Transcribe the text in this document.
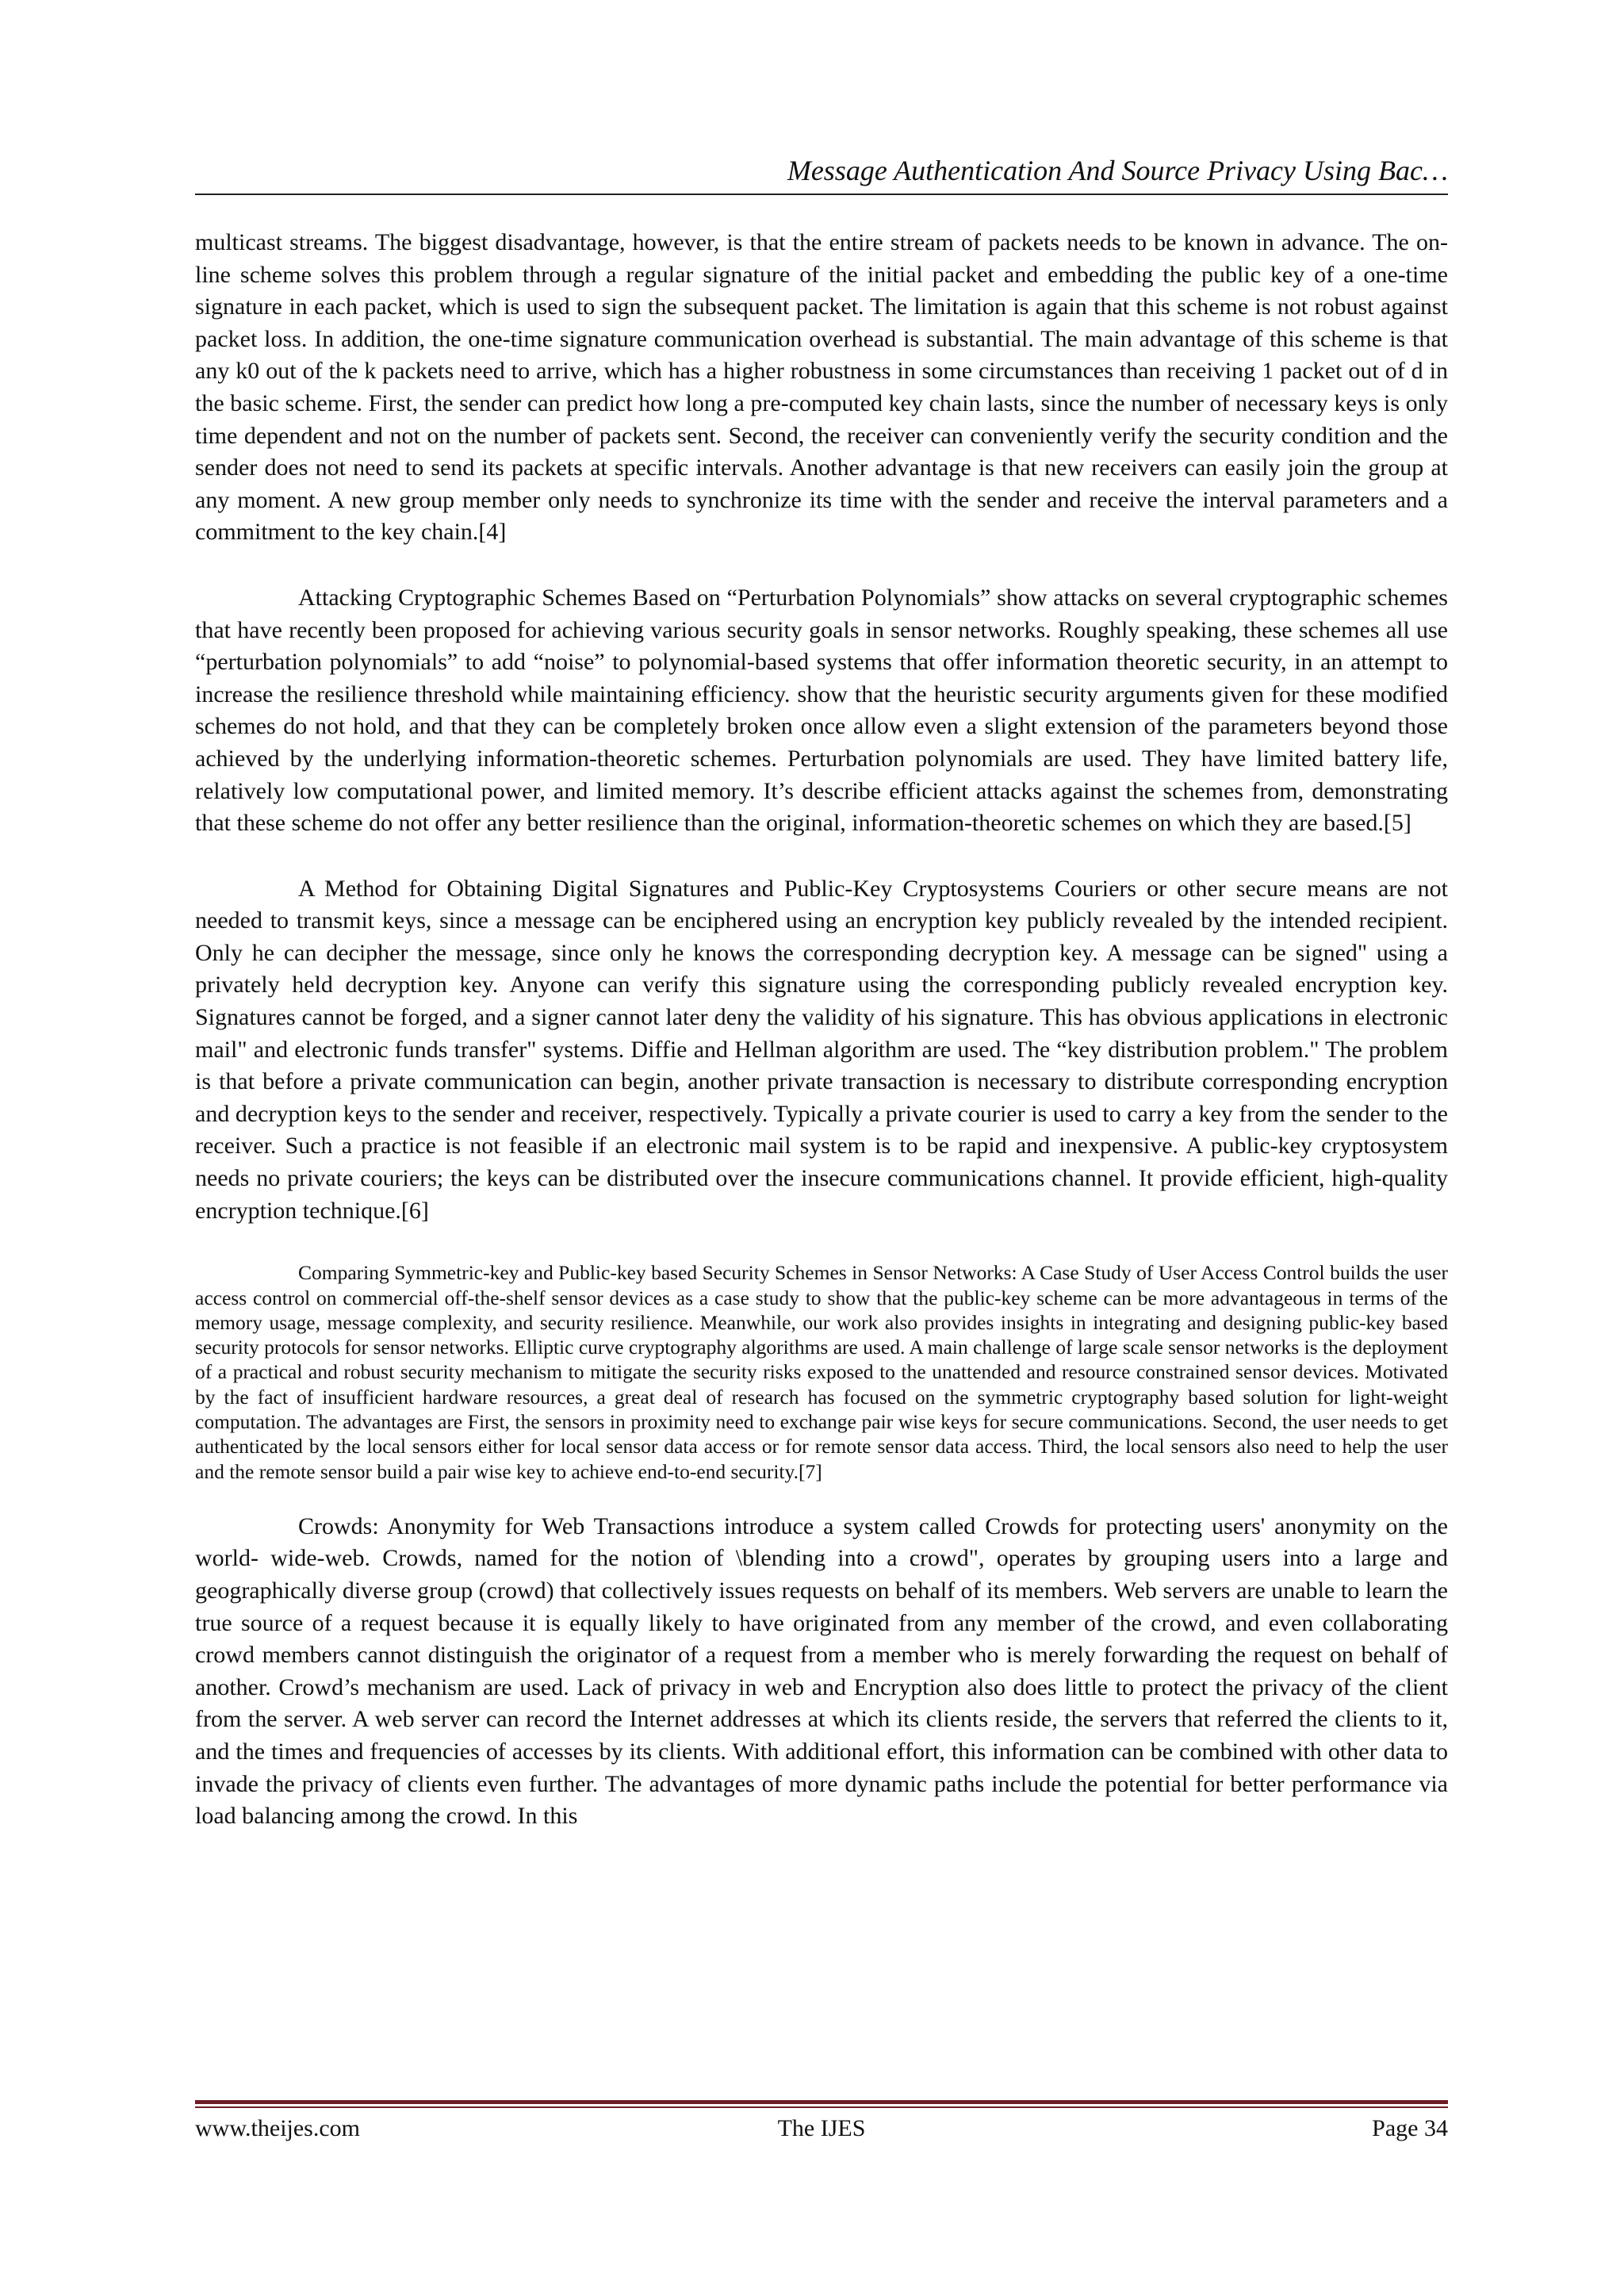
Message Authentication And Source Privacy Using Bac…

multicast streams. The biggest disadvantage, however, is that the entire stream of packets needs to be known in advance. The on-line scheme solves this problem through a regular signature of the initial packet and embedding the public key of a one-time signature in each packet, which is used to sign the subsequent packet. The limitation is again that this scheme is not robust against packet loss. In addition, the one-time signature communication overhead is substantial. The main advantage of this scheme is that any k0 out of the k packets need to arrive, which has a higher robustness in some circumstances than receiving 1 packet out of d in the basic scheme. First, the sender can predict how long a pre-computed key chain lasts, since the number of necessary keys is only time dependent and not on the number of packets sent. Second, the receiver can conveniently verify the security condition and the sender does not need to send its packets at specific intervals. Another advantage is that new receivers can easily join the group at any moment. A new group member only needs to synchronize its time with the sender and receive the interval parameters and a commitment to the key chain.[4]

Attacking Cryptographic Schemes Based on “Perturbation Polynomials” show attacks on several cryptographic schemes that have recently been proposed for achieving various security goals in sensor networks. Roughly speaking, these schemes all use “perturbation polynomials” to add “noise” to polynomial-based systems that offer information theoretic security, in an attempt to increase the resilience threshold while maintaining efficiency. show that the heuristic security arguments given for these modified schemes do not hold, and that they can be completely broken once allow even a slight extension of the parameters beyond those achieved by the underlying information-theoretic schemes. Perturbation polynomials are used. They have limited battery life, relatively low computational power, and limited memory. It’s describe efficient attacks against the schemes from, demonstrating that these scheme do not offer any better resilience than the original, information-theoretic schemes on which they are based.[5]

A Method for Obtaining Digital Signatures and Public-Key Cryptosystems Couriers or other secure means are not needed to transmit keys, since a message can be enciphered using an encryption key publicly revealed by the intended recipient. Only he can decipher the message, since only he knows the corresponding decryption key. A message can be signed" using a privately held decryption key. Anyone can verify this signature using the corresponding publicly revealed encryption key. Signatures cannot be forged, and a signer cannot later deny the validity of his signature. This has obvious applications in electronic mail" and electronic funds transfer" systems. Diffie and Hellman algorithm are used. The “key distribution problem." The problem is that before a private communication can begin, another private transaction is necessary to distribute corresponding encryption and decryption keys to the sender and receiver, respectively. Typically a private courier is used to carry a key from the sender to the receiver. Such a practice is not feasible if an electronic mail system is to be rapid and inexpensive. A public-key cryptosystem needs no private couriers; the keys can be distributed over the insecure communications channel. It provide efficient, high-quality encryption technique.[6]

Comparing Symmetric-key and Public-key based Security Schemes in Sensor Networks: A Case Study of User Access Control builds the user access control on commercial off-the-shelf sensor devices as a case study to show that the public-key scheme can be more advantageous in terms of the memory usage, message complexity, and security resilience. Meanwhile, our work also provides insights in integrating and designing public-key based security protocols for sensor networks. Elliptic curve cryptography algorithms are used. A main challenge of large scale sensor networks is the deployment of a practical and robust security mechanism to mitigate the security risks exposed to the unattended and resource constrained sensor devices. Motivated by the fact of insufficient hardware resources, a great deal of research has focused on the symmetric cryptography based solution for light-weight computation. The advantages are First, the sensors in proximity need to exchange pair wise keys for secure communications. Second, the user needs to get authenticated by the local sensors either for local sensor data access or for remote sensor data access. Third, the local sensors also need to help the user and the remote sensor build a pair wise key to achieve end-to-end security.[7]

Crowds: Anonymity for Web Transactions introduce a system called Crowds for protecting users' anonymity on the world- wide-web. Crowds, named for the notion of \blending into a crowd", operates by grouping users into a large and geographically diverse group (crowd) that collectively issues requests on behalf of its members. Web servers are unable to learn the true source of a request because it is equally likely to have originated from any member of the crowd, and even collaborating crowd members cannot distinguish the originator of a request from a member who is merely forwarding the request on behalf of another. Crowd’s mechanism are used. Lack of privacy in web and Encryption also does little to protect the privacy of the client from the server. A web server can record the Internet addresses at which its clients reside, the servers that referred the clients to it, and the times and frequencies of accesses by its clients. With additional effort, this information can be combined with other data to invade the privacy of clients even further. The advantages of more dynamic paths include the potential for better performance via load balancing among the crowd. In this

www.theijes.com	The IJES	Page 34
